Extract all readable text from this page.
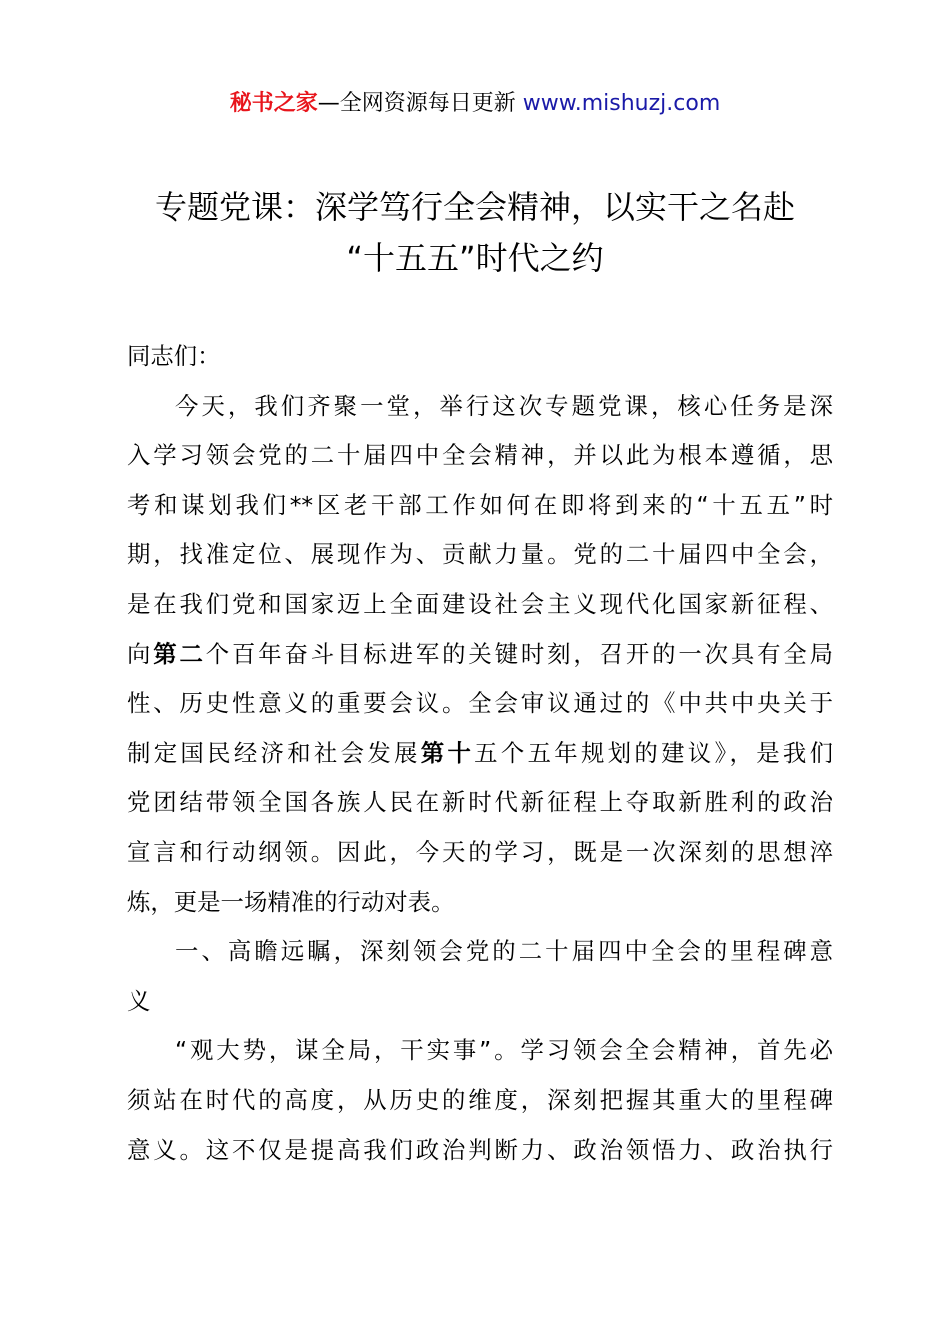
秘书之家—全网资源每日更新 www.mishuzj.com
专题党课：深学笃行全会精神，以实干之名赴
“十五五”时代之约
同志们：
今天，我们齐聚一堂，举行这次专题党课，核心任务是深
入学习领会党的二十届四中全会精神，并以此为根本遵循，思
考和谋划我们**区老干部工作如何在即将到来的“十五五”时
期，找准定位、展现作为、贡献力量。党的二十届四中全会，
是在我们党和国家迈上全面建设社会主义现代化国家新征程、
向第二个百年奋斗目标进军的关键时刻，召开的一次具有全局
性、历史性意义的重要会议。全会审议通过的《中共中央关于
制定国民经济和社会发展第十五个五年规划的建议》，是我们
党团结带领全国各族人民在新时代新征程上夺取新胜利的政治
宣言和行动纲领。因此，今天的学习，既是一次深刻的思想淬
炼，更是一场精准的行动对表。
一、高瞻远瞩，深刻领会党的二十届四中全会的里程碑意
义
“观大势，谋全局，干实事”。学习领会全会精神，首先必
须站在时代的高度，从历史的维度，深刻把握其重大的里程碑
意义。这不仅是提高我们政治判断力、政治领悟力、政治执行
